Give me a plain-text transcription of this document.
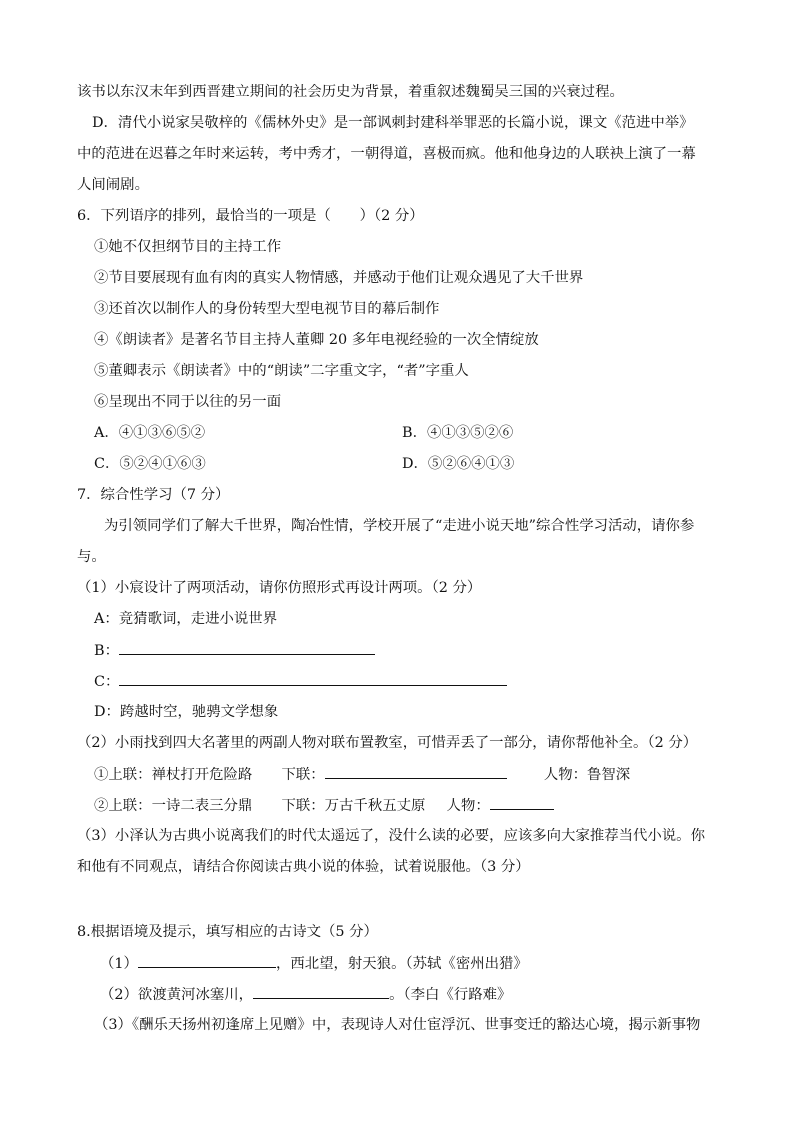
该书以东汉末年到西晋建立期间的社会历史为背景，着重叙述魏蜀吴三国的兴衰过程。
D．清代小说家吴敬梓的《儒林外史》是一部讽刺封建科举罪恶的长篇小说，课文《范进中举》
中的范进在迟暮之年时来运转，考中秀才，一朝得道，喜极而疯。他和他身边的人联袂上演了一幕
人间闹剧。
6．下列语序的排列，最恰当的一项是（　　）（2 分）
①她不仅担纲节目的主持工作
②节目要展现有血有肉的真实人物情感，并感动于他们让观众遇见了大千世界
③还首次以制作人的身份转型大型电视节目的幕后制作
④《朗读者》是著名节目主持人董卿 20 多年电视经验的一次全情绽放
⑤董卿表示《朗读者》中的“朗读”二字重文字，“者”字重人
⑥呈现出不同于以往的另一面
A．④①③⑥⑤②	B．④①③⑤②⑥
C．⑤②④①⑥③	D．⑤②⑥④①③
7．综合性学习（7 分）
为引领同学们了解大千世界，陶冶性情，学校开展了“走进小说天地”综合性学习活动，请你参
与。
（1）小宸设计了两项活动，请你仿照形式再设计两项。（2 分）
A：竞猜歌词，走进小说世界
B：
C：
D：跨越时空，驰骋文学想象
（2）小雨找到四大名著里的两副人物对联布置教室，可惜弄丢了一部分，请你帮他补全。（2 分）
①上联：禅杖打开危险路 下联：	人物：鲁智深
②上联：一诗二表三分鼎 下联：万古千秋五丈原 人物：
（3）小泽认为古典小说离我们的时代太遥远了，没什么读的必要，应该多向大家推荐当代小说。你
和他有不同观点，请结合你阅读古典小说的体验，试着说服他。（3 分）
8.根据语境及提示，填写相应的古诗文（5 分）
（1）	，西北望，射天狼。（苏轼《密州出猎》
（2）欲渡黄河冰塞川，	。（李白《行路难》
（3）《酬乐天扬州初逢席上见赠》中，表现诗人对仕宦浮沉、世事变迁的豁达心境，揭示新事物
